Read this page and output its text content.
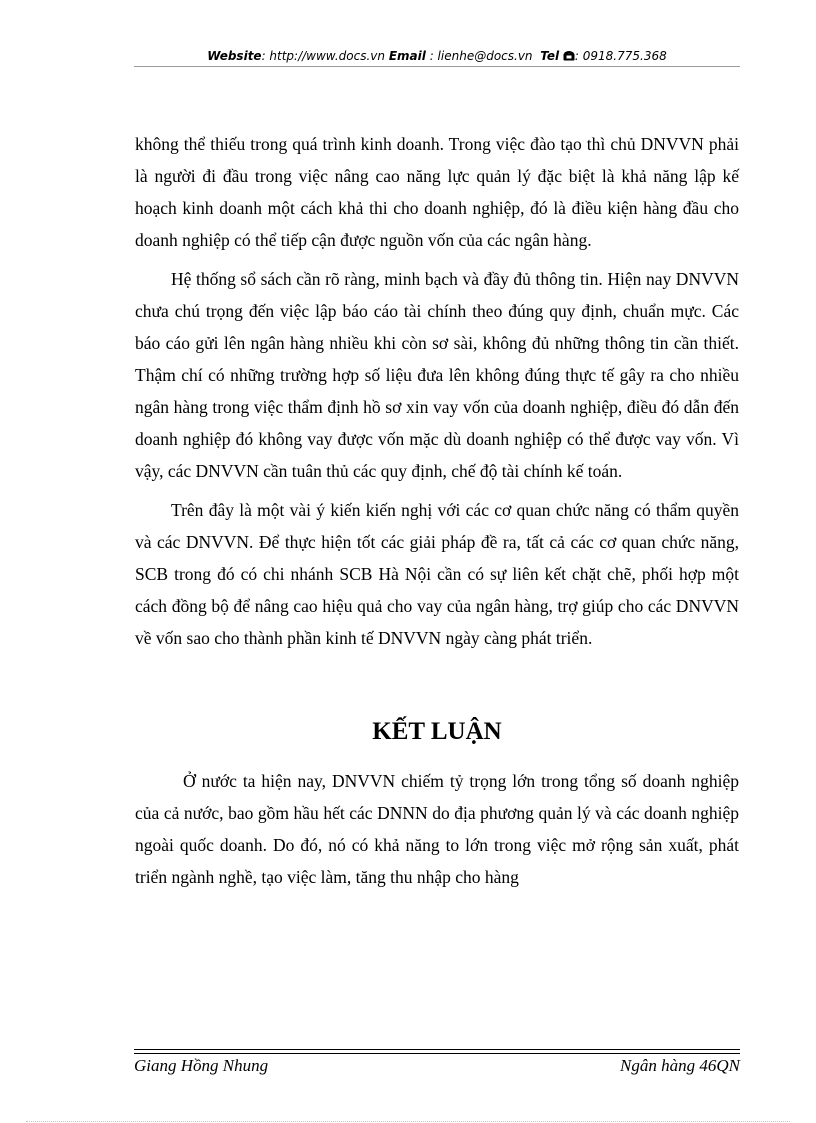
Website: http://www.docs.vn Email : lienhe@docs.vn Tel : 0918.775.368

không thể thiếu trong quá trình kinh doanh. Trong việc đào tạo thì chủ DNVVN phải là người đi đầu trong việc nâng cao năng lực quản lý đặc biệt là khả năng lập kế hoạch kinh doanh một cách khả thi cho doanh nghiệp, đó là điều kiện hàng đầu cho doanh nghiệp có thể tiếp cận được nguồn vốn của các ngân hàng.

Hệ thống sổ sách cần rõ ràng, minh bạch và đầy đủ thông tin. Hiện nay DNVVN chưa chú trọng đến việc lập báo cáo tài chính theo đúng quy định, chuẩn mực. Các báo cáo gửi lên ngân hàng nhiều khi còn sơ sài, không đủ những thông tin cần thiết. Thậm chí có những trường hợp số liệu đưa lên không đúng thực tế gây ra cho nhiều ngân hàng trong việc thẩm định hồ sơ xin vay vốn của doanh nghiệp, điều đó dẫn đến doanh nghiệp đó không vay được vốn mặc dù doanh nghiệp có thể được vay vốn. Vì vậy, các DNVVN cần tuân thủ các quy định, chế độ tài chính kế toán.

Trên đây là một vài ý kiến kiến nghị với các cơ quan chức năng có thẩm quyền và các DNVVN. Để thực hiện tốt các giải pháp đề ra, tất cả các cơ quan chức năng, SCB trong đó có chi nhánh SCB Hà Nội cần có sự liên kết chặt chẽ, phối hợp một cách đồng bộ để nâng cao hiệu quả cho vay của ngân hàng, trợ giúp cho các DNVVN về vốn sao cho thành phần kinh tế DNVVN ngày càng phát triển.

KẾT LUẬN

Ở nước ta hiện nay, DNVVN chiếm tỷ trọng lớn trong tổng số doanh nghiệp của cả nước, bao gồm hầu hết các DNNN do địa phương quản lý và các doanh nghiệp ngoài quốc doanh. Do đó, nó có khả năng to lớn trong việc mở rộng sản xuất, phát triển ngành nghề, tạo việc làm, tăng thu nhập cho hàng

Giang Hồng Nhung	Ngân hàng 46QN
